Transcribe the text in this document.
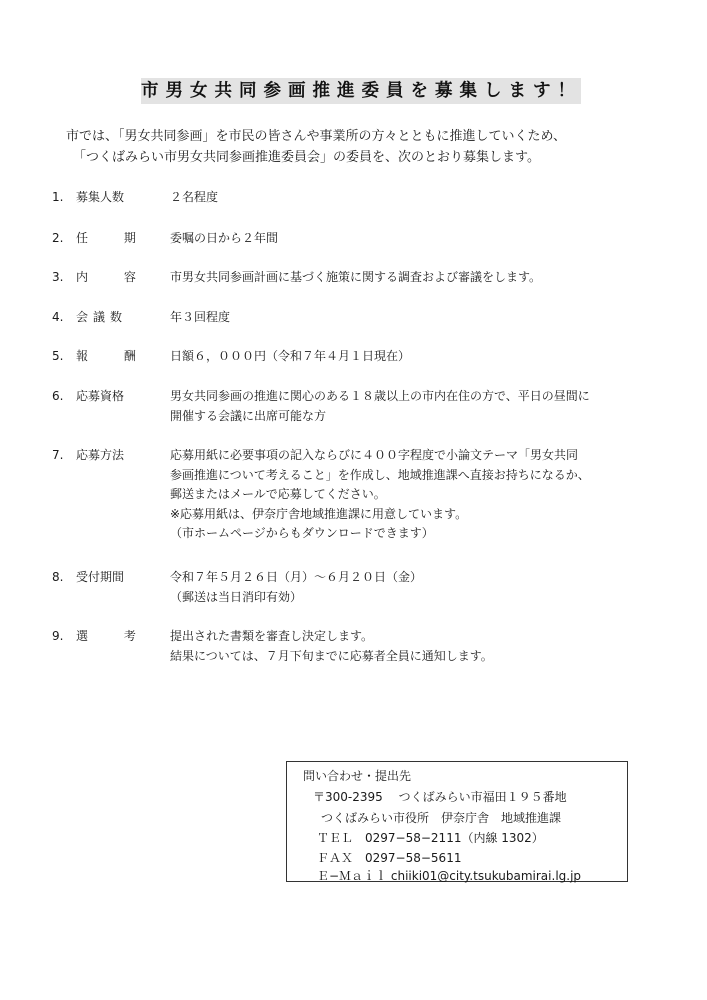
市男女共同参画推進委員を募集します！
市では、「男女共同参画」を市民の皆さんや事業所の方々とともに推進していくため、
「つくばみらい市男女共同参画推進委員会」の委員を、次のとおり募集します。
1. 募集人数	２名程度
2. 任 期	委嘱の日から２年間
3. 内 容	市男女共同参画計画に基づく施策に関する調査および審議をします。
4. 会議数	年３回程度
5. 報 酬	日額６，０００円（令和７年４月１日現在）
6. 応募資格	男女共同参画の推進に関心のある１８歳以上の市内在住の方で、平日の昼間に
開催する会議に出席可能な方
7. 応募方法	応募用紙に必要事項の記入ならびに４００字程度で小論文テーマ「男女共同
参画推進について考えること」を作成し、地域推進課へ直接お持ちになるか、
郵送またはメールで応募してください。
※応募用紙は、伊奈庁舎地域推進課に用意しています。
（市ホームページからもダウンロードできます）
8. 受付期間	令和７年５月２６日（月）～６月２０日（金）
（郵送は当日消印有効）
9. 選 考	提出された書類を審査し決定します。
結果については、７月下旬までに応募者全員に通知します。
問い合わせ・提出先
〒300-2395　 つくばみらい市福田１９５番地
つくばみらい市役所　伊奈庁舎　地域推進課
ＴＥＬ　0297−58−2111（内線 1302）
ＦＡＸ　0297−58−5611
Ｅ−Ｍａｉｌ chiiki01@city.tsukubamirai.lg.jp
